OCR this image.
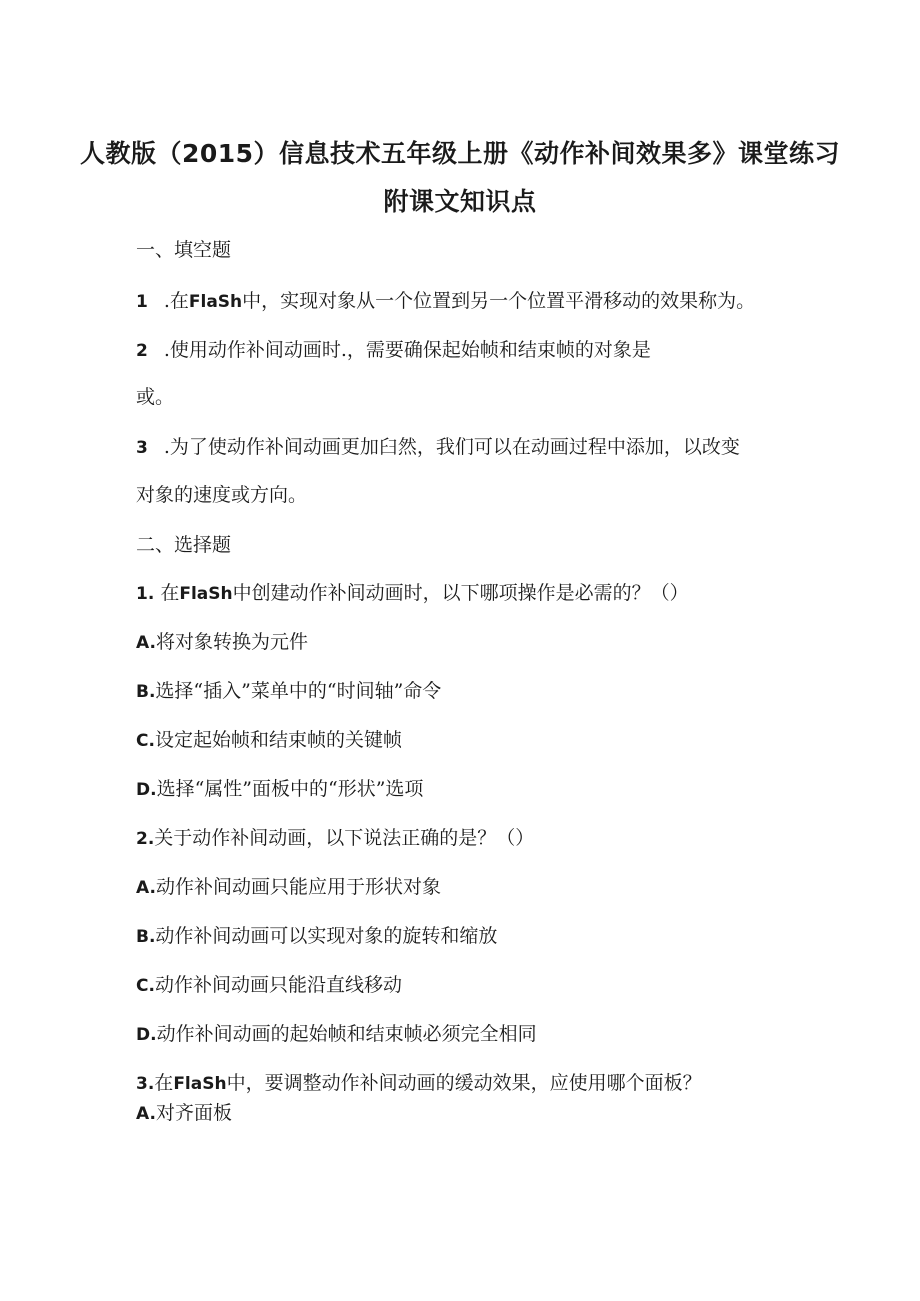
人教版（2015）信息技术五年级上册《动作补间效果多》课堂练习
附课文知识点
一、填空题
1 .在FlaSh中，实现对象从一个位置到另一个位置平滑移动的效果称为。
2 .使用动作补间动画时.，需要确保起始帧和结束帧的对象是
或。
3 .为了使动作补间动画更加臼然，我们可以在动画过程中添加，以改变
对象的速度或方向。
二、选择题
1. 在FlaSh中创建动作补间动画时，以下哪项操作是必需的？（）
A.将对象转换为元件
B.选择“插入”菜单中的“时间轴”命令
C.设定起始帧和结束帧的关键帧
D.选择“属性”面板中的“形状”选项
2.关于动作补间动画，以下说法正确的是？（）
A.动作补间动画只能应用于形状对象
B.动作补间动画可以实现对象的旋转和缩放
C.动作补间动画只能沿直线移动
D.动作补间动画的起始帧和结束帧必须完全相同
3.在FlaSh中，要调整动作补间动画的缓动效果，应使用哪个面板？
A.对齐面板
